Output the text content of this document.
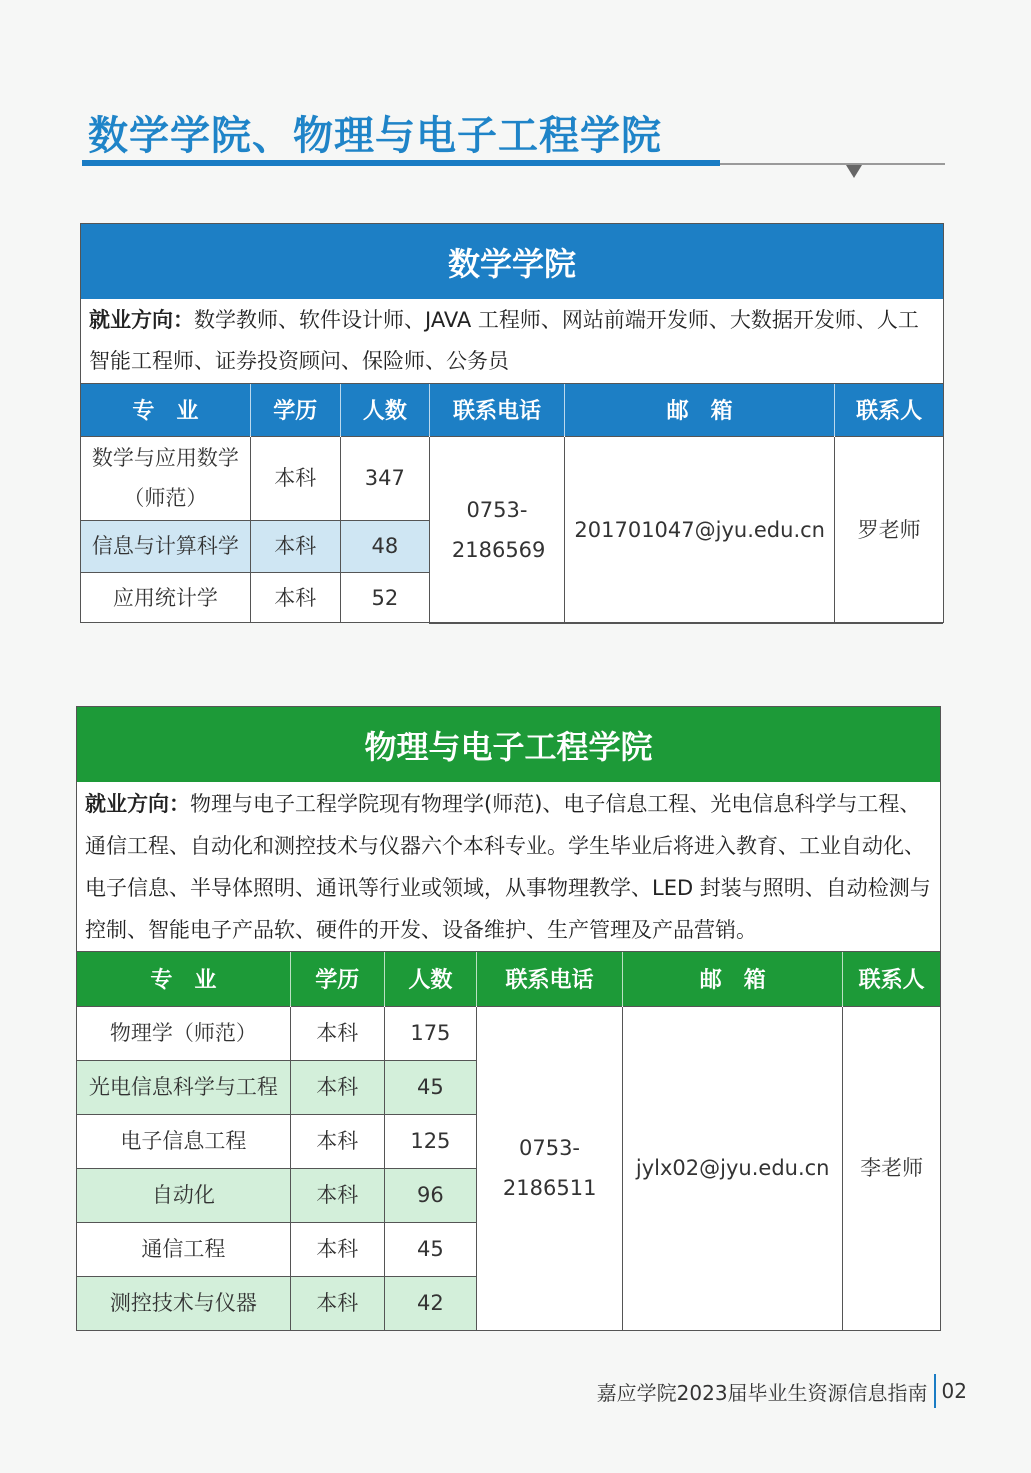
数学学院、物理与电子工程学院
数学学院
就业方向：数学教师、软件设计师、JAVA 工程师、网站前端开发师、大数据开发师、人工智能工程师、证券投资顾问、保险师、公务员
专　业	学历	人数	联系电话	邮　箱	联系人
数学与应用数学（师范）	本科	347	0753-2186569	201701047@jyu.edu.cn	罗老师
信息与计算科学	本科	48			
应用统计学	本科	52			
物理与电子工程学院
就业方向：物理与电子工程学院现有物理学(师范)、电子信息工程、光电信息科学与工程、通信工程、自动化和测控技术与仪器六个本科专业。学生毕业后将进入教育、工业自动化、电子信息、半导体照明、通讯等行业或领域，从事物理教学、LED 封装与照明、自动检测与控制、智能电子产品软、硬件的开发、设备维护、生产管理及产品营销。
专　业	学历	人数	联系电话	邮　箱	联系人
物理学（师范）	本科	175	0753-2186511	jylx02@jyu.edu.cn	李老师
光电信息科学与工程	本科	45			
电子信息工程	本科	125			
自动化	本科	96			
通信工程	本科	45			
测控技术与仪器	本科	42			
嘉应学院2023届毕业生资源信息指南 02
